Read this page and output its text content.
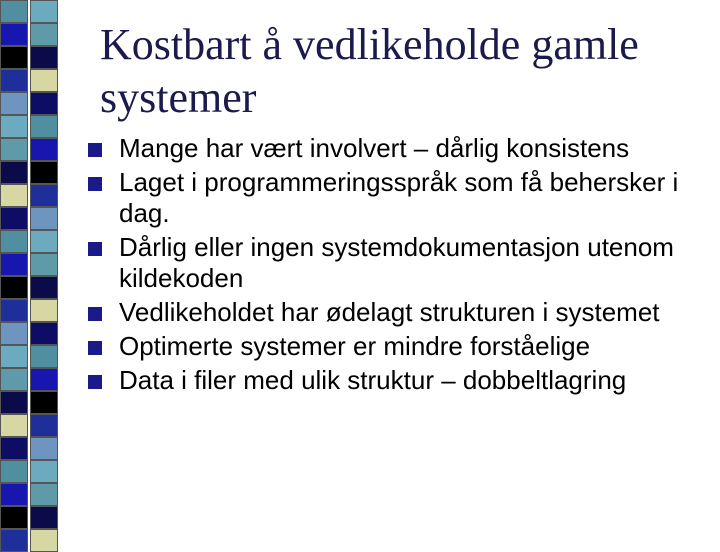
Kostbart å vedlikeholde gamle systemer
Mange har vært involvert – dårlig konsistens
Laget i programmeringsspråk som få behersker i dag.
Dårlig eller ingen systemdokumentasjon utenom kildekoden
Vedlikeholdet har ødelagt strukturen i systemet
Optimerte systemer er mindre forståelige
Data i filer med ulik struktur – dobbeltlagring
